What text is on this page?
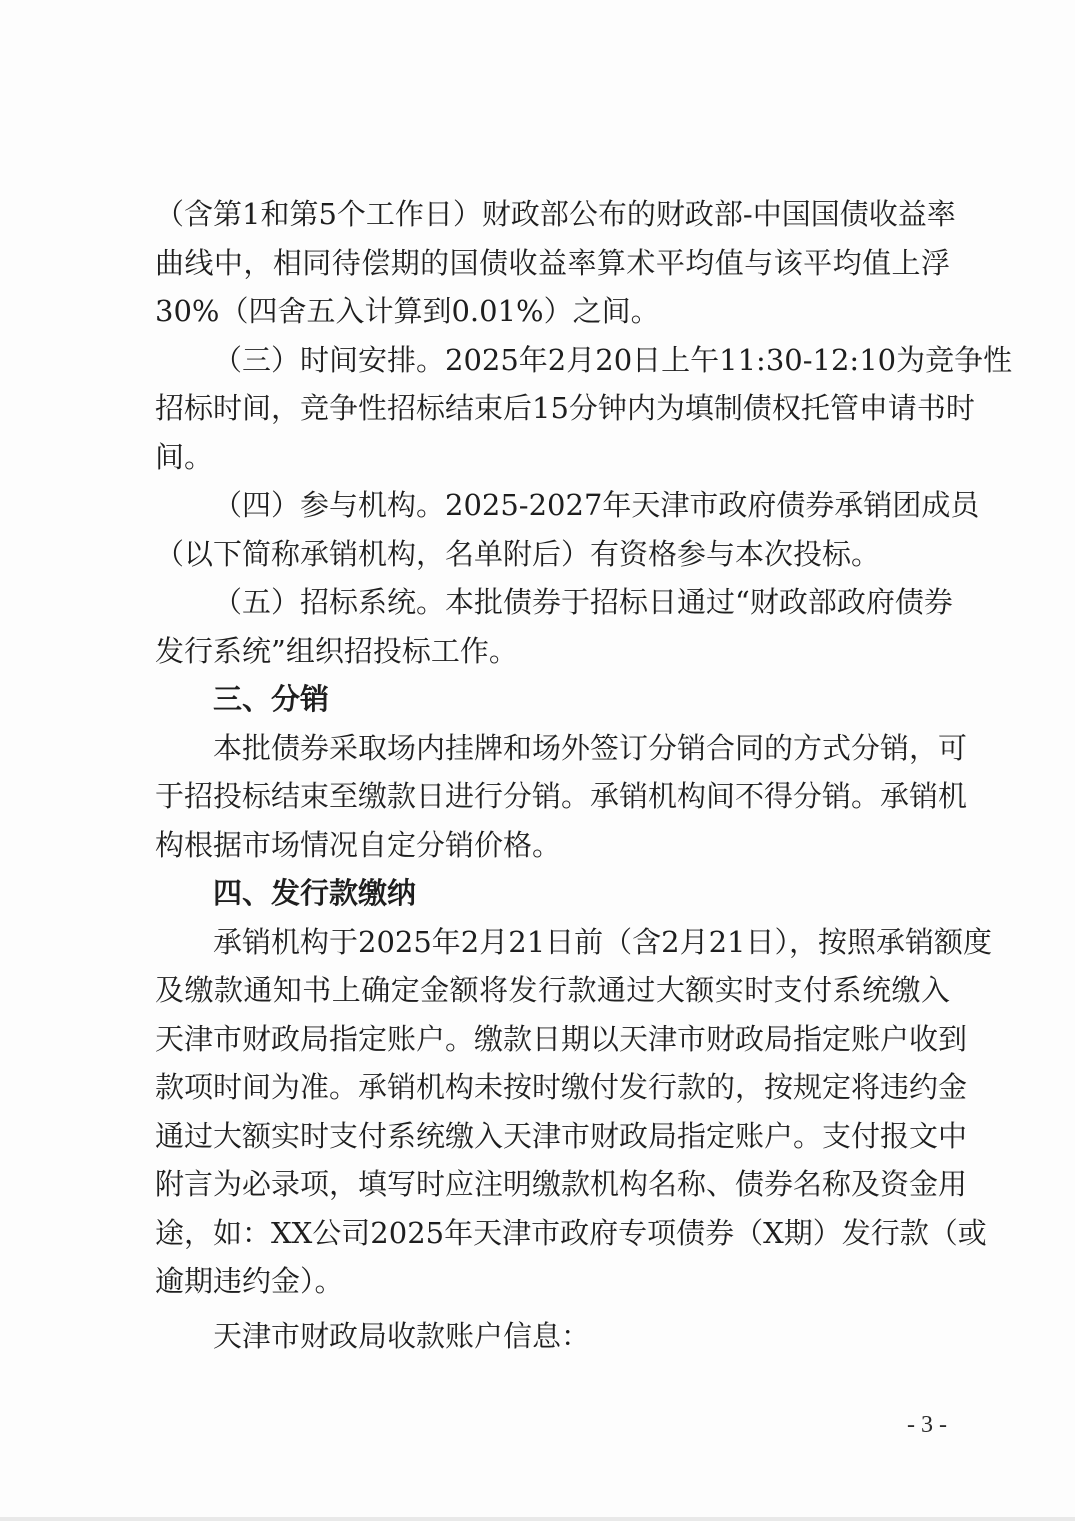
（含第1和第5个工作日）财政部公布的财政部-中国国债收益率
曲线中，相同待偿期的国债收益率算术平均值与该平均值上浮
30%（四舍五入计算到0.01%）之间。
（三）时间安排。2025年2月20日上午11:30-12:10为竞争性
招标时间，竞争性招标结束后15分钟内为填制债权托管申请书时
间。
（四）参与机构。2025-2027年天津市政府债券承销团成员
（以下简称承销机构，名单附后）有资格参与本次投标。
（五）招标系统。本批债券于招标日通过“财政部政府债券
发行系统”组织招投标工作。
三、分销
本批债券采取场内挂牌和场外签订分销合同的方式分销，可
于招投标结束至缴款日进行分销。承销机构间不得分销。承销机
构根据市场情况自定分销价格。
四、发行款缴纳
承销机构于2025年2月21日前（含2月21日），按照承销额度
及缴款通知书上确定金额将发行款通过大额实时支付系统缴入
天津市财政局指定账户。缴款日期以天津市财政局指定账户收到
款项时间为准。承销机构未按时缴付发行款的，按规定将违约金
通过大额实时支付系统缴入天津市财政局指定账户。支付报文中
附言为必录项，填写时应注明缴款机构名称、债券名称及资金用
途，如：XX公司2025年天津市政府专项债券（X期）发行款（或
逾期违约金）。
天津市财政局收款账户信息：
- 3 -
